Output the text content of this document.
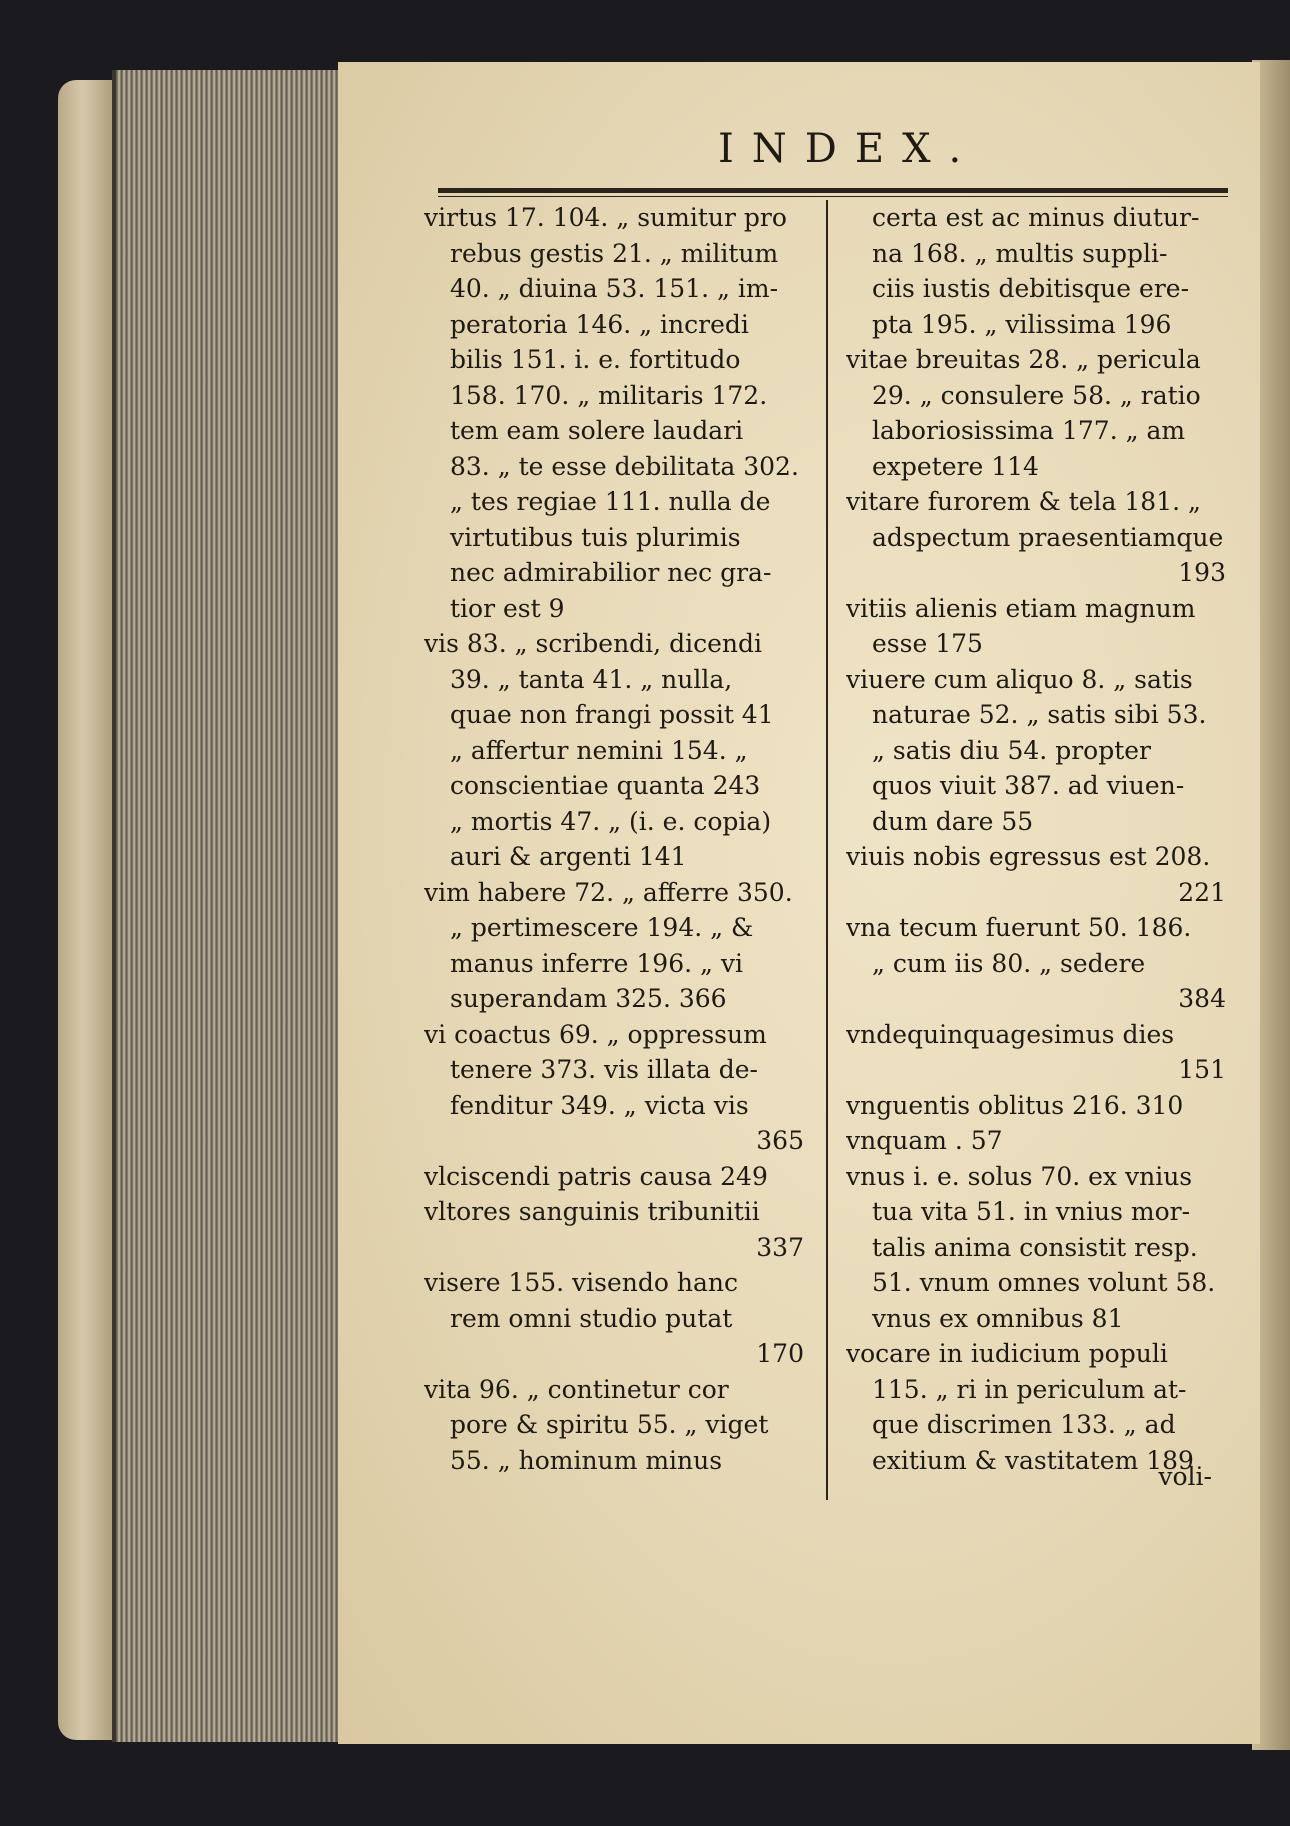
INDEX.
virtus 17. 104. „ sumitur pro
rebus gestis 21. „ militum
40. „ diuina 53. 151. „ im-
peratoria 146. „ incredi
bilis 151. i. e. fortitudo
158. 170. „ militaris 172.
tem eam solere laudari
83. „ te esse debilitata 302.
„ tes regiae 111. nulla de
virtutibus tuis plurimis
nec admirabilior nec gra-
tior est 9
vis 83. „ scribendi, dicendi
39. „ tanta 41. „ nulla,
quae non frangi possit 41
„ affertur nemini 154. „
conscientiae quanta 243
„ mortis 47. „ (i. e. copia)
auri & argenti 141
vim habere 72. „ afferre 350.
„ pertimescere 194. „ &
manus inferre 196. „ vi
superandam 325. 366
vi coactus 69. „ oppressum
tenere 373. vis illata de-
fenditur 349. „ victa vis
365
vlciscendi patris causa 249
vltores sanguinis tribunitii
337
visere 155. visendo hanc
rem omni studio putat
170
vita 96. „ continetur cor
pore & spiritu 55. „ viget
55. „ hominum minus
certa est ac minus diutur-
na 168. „ multis suppli-
ciis iustis debitisque ere-
pta 195. „ vilissima 196
vitae breuitas 28. „ pericula
29. „ consulere 58. „ ratio
laboriosissima 177. „ am
expetere 114
vitare furorem & tela 181. „
adspectum praesentiamque
193
vitiis alienis etiam magnum
esse 175
viuere cum aliquo 8. „ satis
naturae 52. „ satis sibi 53.
„ satis diu 54. propter
quos viuit 387. ad viuen-
dum dare 55
viuis nobis egressus est 208.
221
vna tecum fuerunt 50. 186.
„ cum iis 80. „ sedere
384
vndequinquagesimus dies
151
vnguentis oblitus 216. 310
vnquam . 57
vnus i. e. solus 70. ex vnius
tua vita 51. in vnius mor-
talis anima consistit resp.
51. vnum omnes volunt 58.
vnus ex omnibus 81
vocare in iudicium populi
115. „ ri in periculum at-
que discrimen 133. „ ad
exitium & vastitatem 189
voli-
